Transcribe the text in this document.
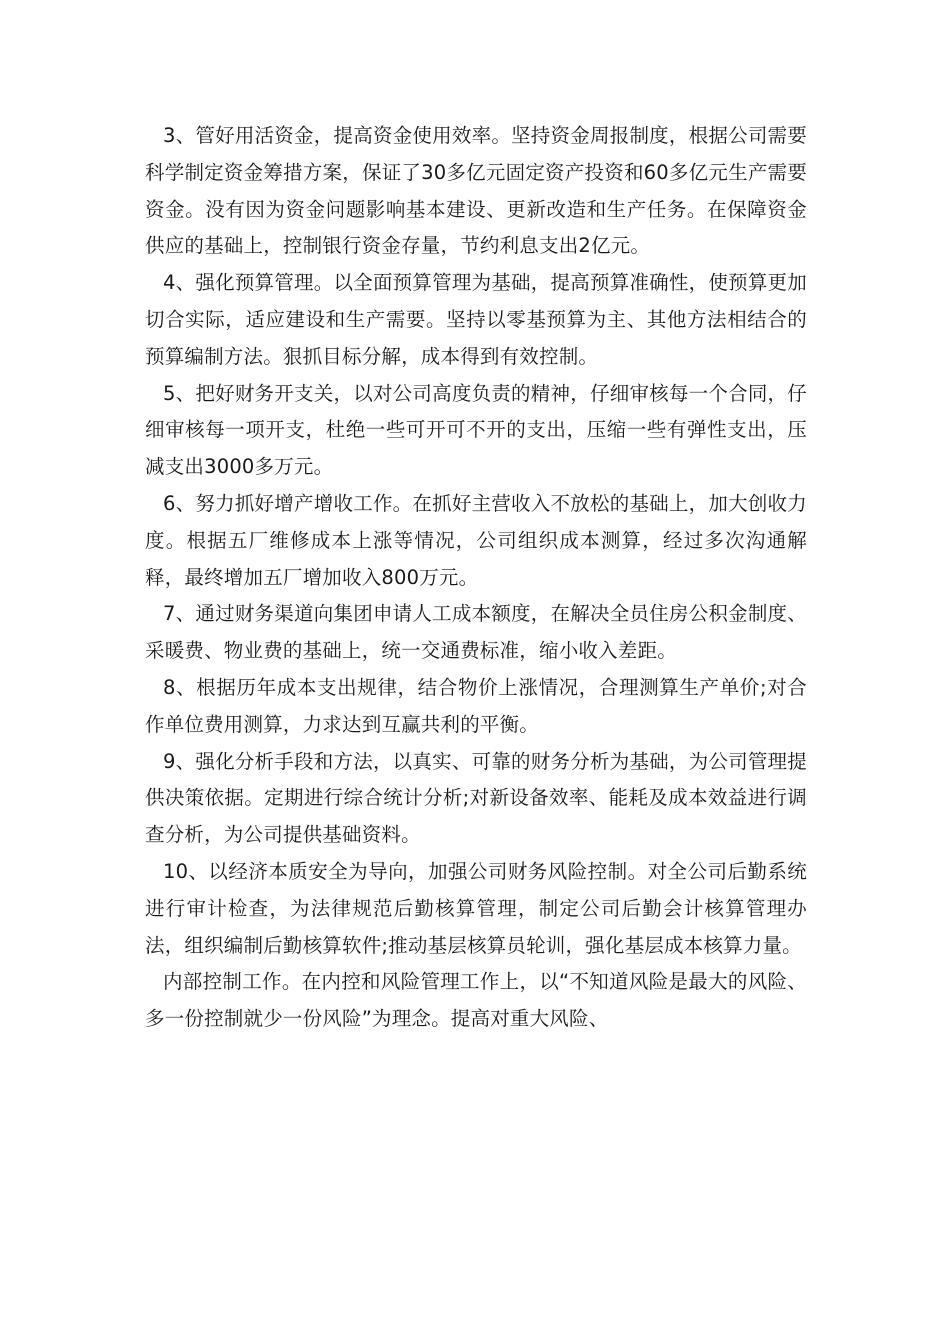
3、管好用活资金，提高资金使用效率。坚持资金周报制度，根据公司需要科学制定资金筹措方案，保证了30多亿元固定资产投资和60多亿元生产需要资金。没有因为资金问题影响基本建设、更新改造和生产任务。在保障资金供应的基础上，控制银行资金存量，节约利息支出2亿元。

4、强化预算管理。以全面预算管理为基础，提高预算准确性，使预算更加切合实际，适应建设和生产需要。坚持以零基预算为主、其他方法相结合的预算编制方法。狠抓目标分解，成本得到有效控制。

5、把好财务开支关，以对公司高度负责的精神，仔细审核每一个合同，仔细审核每一项开支，杜绝一些可开可不开的支出，压缩一些有弹性支出，压减支出3000多万元。

6、努力抓好增产增收工作。在抓好主营收入不放松的基础上，加大创收力度。根据五厂维修成本上涨等情况，公司组织成本测算，经过多次沟通解释，最终增加五厂增加收入800万元。

7、通过财务渠道向集团申请人工成本额度，在解决全员住房公积金制度、采暖费、物业费的基础上，统一交通费标准，缩小收入差距。

8、根据历年成本支出规律，结合物价上涨情况，合理测算生产单价;对合作单位费用测算，力求达到互赢共利的平衡。

9、强化分析手段和方法，以真实、可靠的财务分析为基础，为公司管理提供决策依据。定期进行综合统计分析;对新设备效率、能耗及成本效益进行调查分析，为公司提供基础资料。

10、以经济本质安全为导向，加强公司财务风险控制。对全公司后勤系统进行审计检查，为法律规范后勤核算管理，制定公司后勤会计核算管理办法，组织编制后勤核算软件;推动基层核算员轮训，强化基层成本核算力量。

内部控制工作。在内控和风险管理工作上，以“不知道风险是最大的风险、多一份控制就少一份风险”为理念。提高对重大风险、
